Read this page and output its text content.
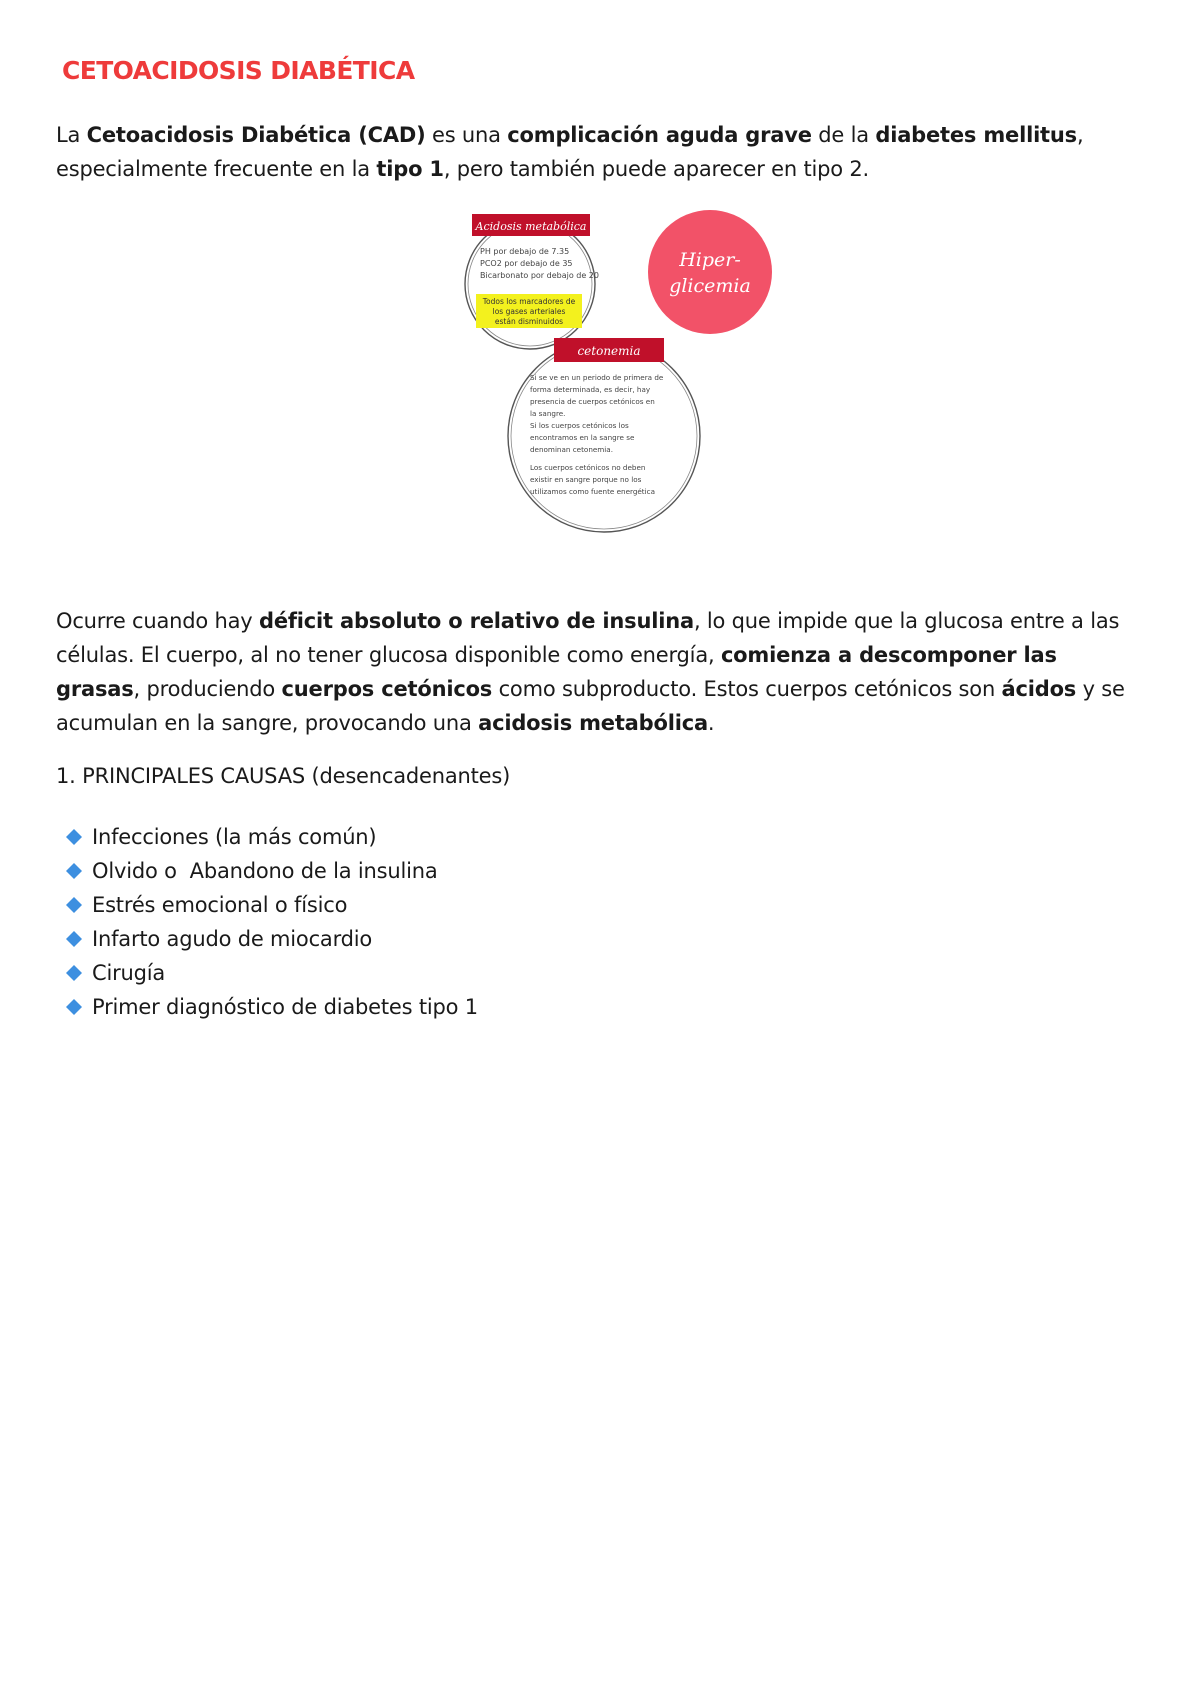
CETOACIDOSIS DIABÉTICA

La Cetoacidosis Diabética (CAD) es una complicación aguda grave de la diabetes mellitus, especialmente frecuente en la tipo 1, pero también puede aparecer en tipo 2.

Acidosis metabólica
PH por debajo de 7.35
PCO2 por debajo de 35
Bicarbonato por debajo de 20
Todos los marcadores de
los gases arteriales
están disminuidos
Hiper-
glicemia
cetonemia
Si se ve en un periodo de primera de
forma determinada, es decir, hay
presencia de cuerpos cetónicos en
la sangre.
Si los cuerpos cetónicos los
encontramos en la sangre se
denominan cetonemia.
Los cuerpos cetónicos no deben
existir en sangre porque no los
utilizamos como fuente energética

Ocurre cuando hay déficit absoluto o relativo de insulina, lo que impide que la glucosa entre a las células. El cuerpo, al no tener glucosa disponible como energía, comienza a descomponer las grasas, produciendo cuerpos cetónicos como subproducto. Estos cuerpos cetónicos son ácidos y se acumulan en la sangre, provocando una acidosis metabólica.

1. PRINCIPALES CAUSAS (desencadenantes)

Infecciones (la más común)
Olvido o  Abandono de la insulina
Estrés emocional o físico
Infarto agudo de miocardio
Cirugía
Primer diagnóstico de diabetes tipo 1
